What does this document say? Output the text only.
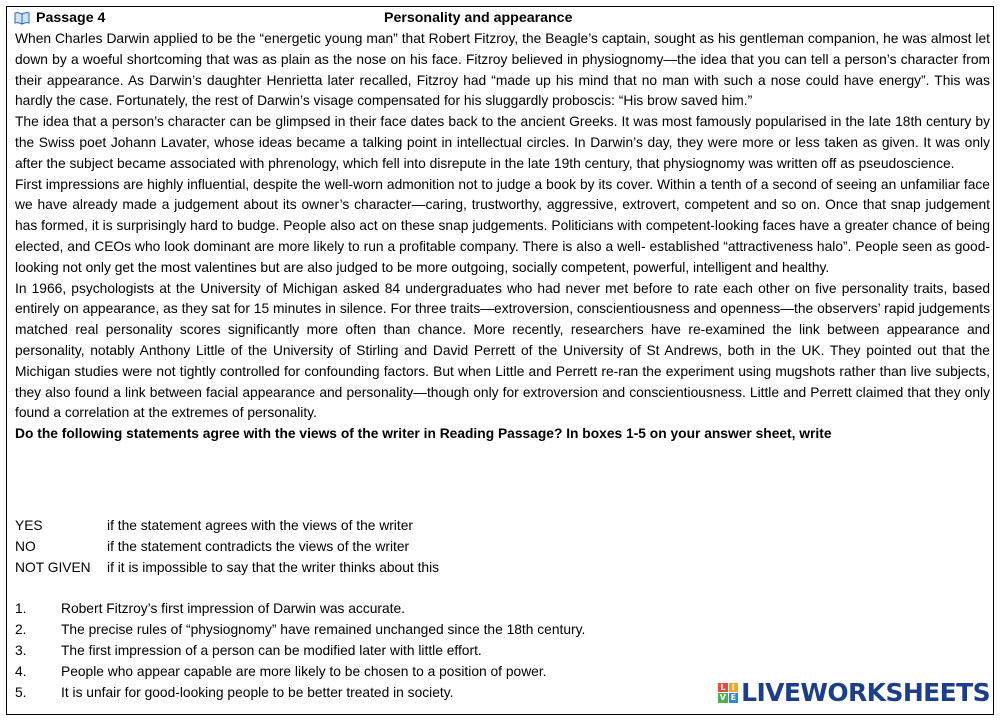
Passage 4	Personality and appearance

When Charles Darwin applied to be the “energetic young man” that Robert Fitzroy, the Beagle’s captain, sought as his gentleman companion, he was almost let down by a woeful shortcoming that was as plain as the nose on his face. Fitzroy believed in physiognomy—the idea that you can tell a person’s character from their appearance. As Darwin’s daughter Henrietta later recalled, Fitzroy had “made up his mind that no man with such a nose could have energy”. This was hardly the case. Fortunately, the rest of Darwin’s visage compensated for his sluggardly proboscis: “His brow saved him.”

The idea that a person’s character can be glimpsed in their face dates back to the ancient Greeks. It was most famously popularised in the late 18th century by the Swiss poet Johann Lavater, whose ideas became a talking point in intellectual circles. In Darwin’s day, they were more or less taken as given. It was only after the subject became associated with phrenology, which fell into disrepute in the late 19th century, that physiognomy was written off as pseudoscience.

First impressions are highly influential, despite the well-worn admonition not to judge a book by its cover. Within a tenth of a second of seeing an unfamiliar face we have already made a judgement about its owner’s character—caring, trustworthy, aggressive, extrovert, competent and so on. Once that snap judgement has formed, it is surprisingly hard to budge. People also act on these snap judgements. Politicians with competent-looking faces have a greater chance of being elected, and CEOs who look dominant are more likely to run a profitable company. There is also a well- established “attractiveness halo”. People seen as good-looking not only get the most valentines but are also judged to be more outgoing, socially competent, powerful, intelligent and healthy.

In 1966, psychologists at the University of Michigan asked 84 undergraduates who had never met before to rate each other on five personality traits, based entirely on appearance, as they sat for 15 minutes in silence. For three traits—extroversion, conscientiousness and openness—the observers’ rapid judgements matched real personality scores significantly more often than chance. More recently, researchers have re-examined the link between appearance and personality, notably Anthony Little of the University of Stirling and David Perrett of the University of St Andrews, both in the UK. They pointed out that the Michigan studies were not tightly controlled for confounding factors. But when Little and Perrett re-ran the experiment using mugshots rather than live subjects, they also found a link between facial appearance and personality—though only for extroversion and conscientiousness. Little and Perrett claimed that they only found a correlation at the extremes of personality.

Do the following statements agree with the views of the writer in Reading Passage? In boxes 1-5 on your answer sheet, write

YES	if the statement agrees with the views of the writer
NO	if the statement contradicts the views of the writer
NOT GIVEN	if it is impossible to say that the writer thinks about this
1.	Robert Fitzroy’s first impression of Darwin was accurate.
2.	The precise rules of “physiognomy” have remained unchanged since the 18th century.
3.	The first impression of a person can be modified later with little effort.
4.	People who appear capable are more likely to be chosen to a position of power.
5.	It is unfair for good-looking people to be better treated in society.	L I
V E LIVEWORKSHEETS
